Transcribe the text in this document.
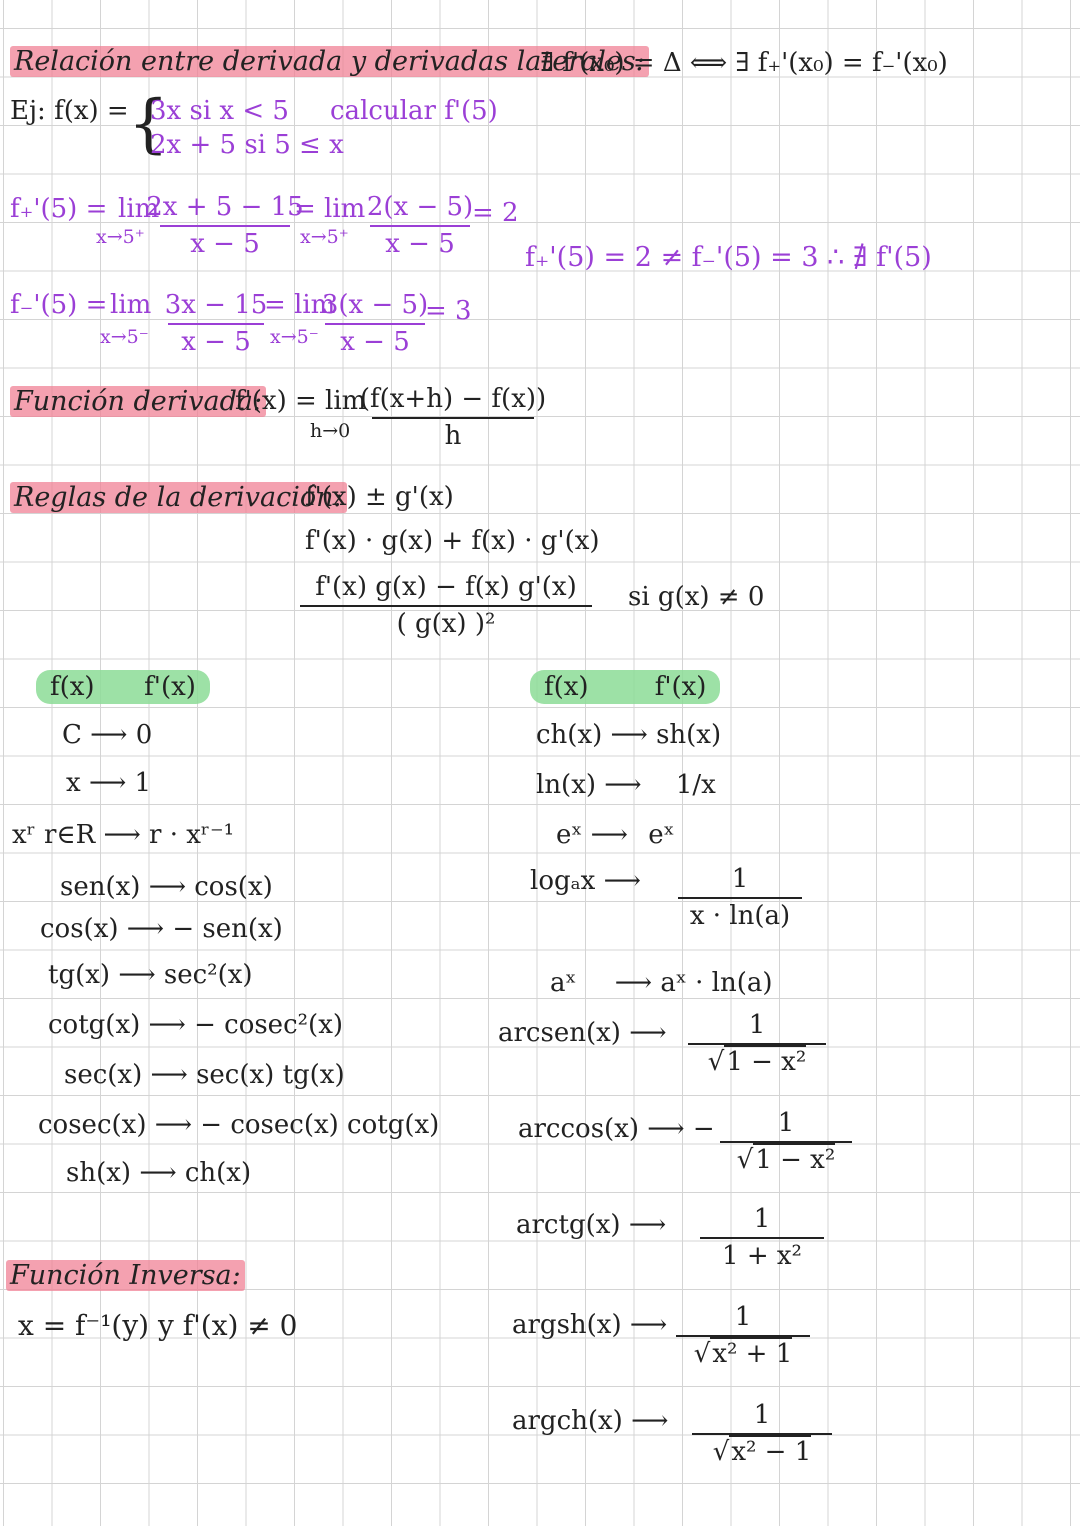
Relación entre derivada y derivadas laterales:
∃ f'(x₀) = Δ ⟺ ∃ f₊'(x₀) = f₋'(x₀)
Ej: f(x) = {
3x si x < 5
2x + 5 si 5 ≤ x
calcular f'(5)
f₊'(5) = lim
x→5⁺
2x + 5 − 15
x − 5
= lim
x→5⁺
2(x − 5)
x − 5
= 2
f₊'(5) = 2 ≠ f₋'(5) = 3 ∴ ∄ f'(5)
f₋'(5) = lim
x→5⁻
3x − 15
x − 5
= lim
x→5⁻
3(x − 5)
x − 5
= 3
Función derivada:
f'(x) = lim
h→0
(f(x+h) − f(x))
h
Reglas de la derivación:
f'(x) ± g'(x)
f'(x) · g(x) + f(x) · g'(x)
f'(x) g(x) − f(x) g'(x)
( g(x) )²
si g(x) ≠ 0
f(x) f'(x)	f(x)	f'(x)
C ⟶ 0
x ⟶ 1
xʳ r∈R ⟶ r · xʳ⁻¹
sen(x) ⟶ cos(x)
cos(x) ⟶ − sen(x)
tg(x) ⟶ sec²(x)
cotg(x) ⟶ − cosec²(x)
sec(x) ⟶ sec(x) tg(x)
cosec(x) ⟶ − cosec(x) cotg(x)
sh(x) ⟶ ch(x)
ch(x) ⟶ sh(x)
ln(x) ⟶ 1/x
eˣ ⟶ eˣ
logₐx ⟶	1
x · ln(a)
aˣ ⟶ aˣ · ln(a)
arcsen(x) ⟶	1
√1 − x²
arccos(x) ⟶ − 1
√1 − x²
arctg(x) ⟶	1
1 + x²
argsh(x) ⟶	1
√x² + 1
argch(x) ⟶	1
√x² − 1
Función Inversa:
x = f⁻¹(y) y f'(x) ≠ 0
